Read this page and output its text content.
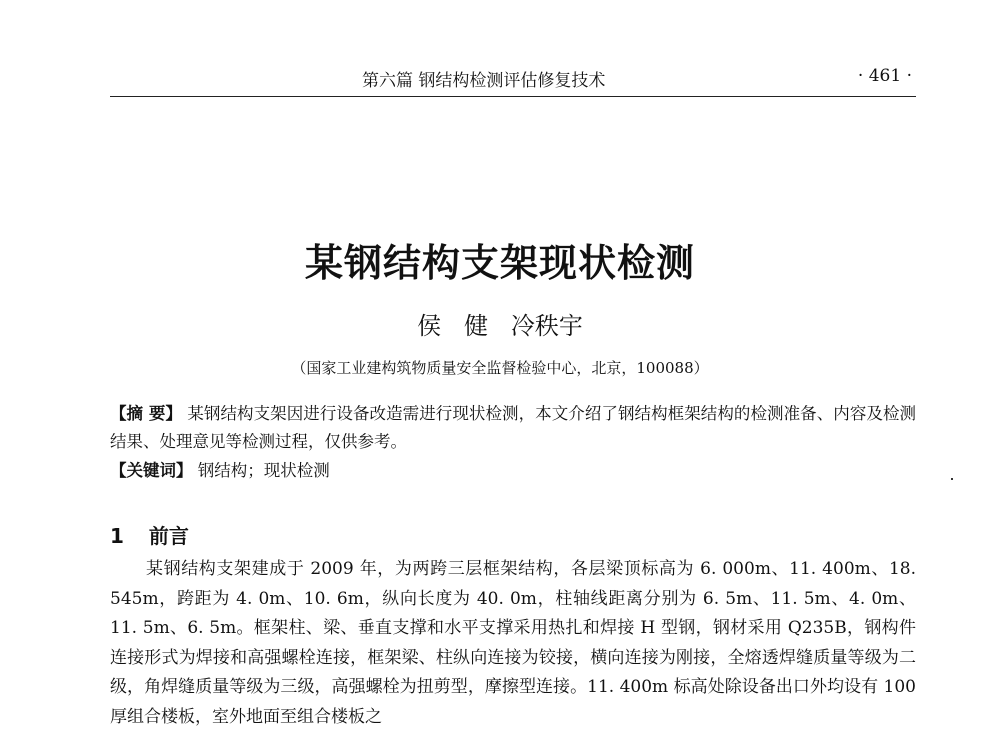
第六篇 钢结构检测评估修复技术	· 461 ·
某钢结构支架现状检测
侯   健   冷秩宇
（国家工业建构筑物质量安全监督检验中心，北京，100088）
【摘 要】 某钢结构支架因进行设备改造需进行现状检测，本文介绍了钢结构框架结构的检测准备、内容及检测结果、处理意见等检测过程，仅供参考。
【关键词】 钢结构；现状检测
1 前言
某钢结构支架建成于 2009 年，为两跨三层框架结构，各层梁顶标高为 6. 000m、11. 400m、18. 545m，跨距为 4. 0m、10. 6m，纵向长度为 40. 0m，柱轴线距离分别为 6. 5m、11. 5m、4. 0m、11. 5m、6. 5m。框架柱、梁、垂直支撑和水平支撑采用热扎和焊接 H 型钢，钢材采用 Q235B，钢构件连接形式为焊接和高强螺栓连接，框架梁、柱纵向连接为铰接，横向连接为刚接，全熔透焊缝质量等级为二级，角焊缝质量等级为三级，高强螺栓为扭剪型，摩擦型连接。11. 400m 标高处除设备出口外均设有 100 厚组合楼板，室外地面至组合楼板之
